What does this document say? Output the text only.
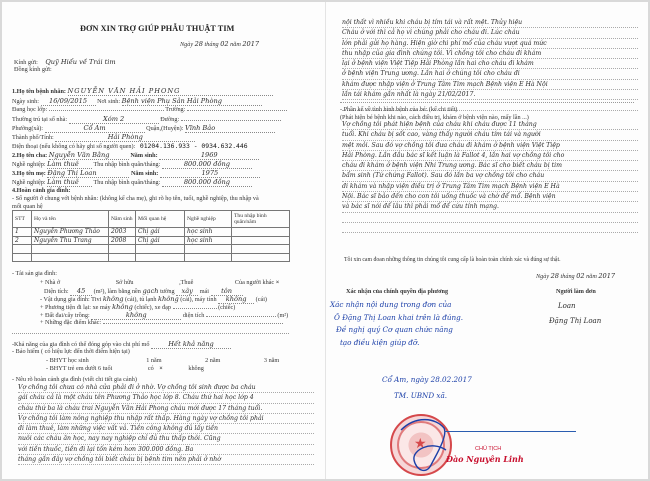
ĐƠN XIN TRỢ GIÚP PHẪU THUẬT TIM
Ngày 28 tháng 02 năm 2017
Kính gửi: Quỹ Hiểu về Trái tim
Đồng kính gửi:
1.Họ tên bệnh nhân: NGUYỄN VĂN HẢI PHONG
Ngày sinh: 16/09/2015 Nơi sinh: Bệnh viện Phụ Sản Hải Phòng
Đang học lớp:	Trường:
Thường trú tại số nhà:	Xóm 2	Đường:
Phường(xã):	Cổ Am	Quận,(Huyện): Vĩnh Bảo
Thành phố/Tỉnh:	Hải Phòng
Điện thoại (nếu không có hãy ghi số người quen): 01204.136.933 - 0934.632.446
2.Họ tên cha: Nguyễn Văn Bằng	Năm sinh:	1969
Nghề nghiệp: Làm thuê Thu nhập bình quân/tháng:	800.000 đồng
3.Họ tên mẹ: Đặng Thị Loan	Năm sinh:	1975
Nghề nghiệp: Làm thuê Thu nhập bình quân/tháng:	800.000 đồng
4.Hoàn cảnh gia đình:
- Số người ở chung với bệnh nhân: (không kể cha mẹ), ghi rõ họ tên, tuổi, nghề nghiệp, thu nhập và
mối quan hệ
STT	Họ và tên	Năm sinh	Mối quan hệ	Nghề nghiệp	Thu nhập bình quân/năm
1	Nguyễn Phương Thảo	2003	Chị gái	học sinh	
2	Nguyễn Thu Trang	2008	Chị gái	học sinh	

- Tài sản gia đình:
+ Nhà ở	Sở hữu	,Thuê	Của người khác ×
Diện tích: 45 (m²), làm bằng nền gạch tường xây mái tôn
- Vật dụng gia đình: Tivi không (cái), tủ lạnh không (cái), máy tính không (cái)
+ Phương tiện đi lại: xe máy không (chiếc), xe đạp	(chiếc)
+ Đất đai/cây trồng:	không	diện tích	(m²)
+ Những đặc điểm khác:
-Khả năng của gia đình có thể đóng góp vào chi phí mổ	Hết khả năng
- Bảo hiểm ( có hiệu lực đến thời điểm hiện tại)
- BHYT học sinh	1 năm	2 năm	3 năm
- BHYT trẻ em dưới 6 tuổi	có ×	không
- Nêu rõ hoàn cảnh gia đình (viết chi tiết gia cảnh)
Vợ chồng tôi chưa có nhà cửa phải đi ở nhờ. Vợ chồng tôi sinh được ba cháu
gái cháu cả là một cháu tên Phương Thảo học lớp 8. Cháu thứ hai học lớp 4
cháu thứ ba là cháu trai Nguyễn Văn Hải Phong cháu mới được 17 tháng tuổi.
Vợ chồng tôi làm nông nghiệp thu nhập rất thấp. Hàng ngày vợ chồng tôi phải
đi làm thuê, làm những việc vất vả. Tiền công không đủ lấy tiền
nuôi các cháu ăn học, nay nay nghiệp chỉ đủ thu thấp thôi. Cũng
với tiền thuốc, tiền đi lại tốn kém hơn 300.000 đồng. Ba
tháng gần đây vợ chồng tôi biết cháu bị bệnh tim nên phải ở nhờ
nội thất vì nhiều khi cháu bị tím tái và rất mệt. Thủy hiệu
Cháu ở với thì cả họ vì chúng phải cho cháu đi. Lúc cháu
lớn phải gửi họ hàng. Hiện giờ chi phí mổ của cháu vượt quá mức
thu nhập của gia đình chúng tôi. Vì chồng tôi cho cháu đi khám
lại ở bệnh viện Việt Tiệp Hải Phòng lần hai cho cháu đi khám
ở bệnh viện Trung ương. Lần hai ở chúng tôi cho cháu đi
khám được nhập viện ở Trung Tâm Tim mạch Bệnh viện E Hà Nội
lần tái khám gần nhất là ngày 21/02/2017.
- Phần kể về tình hình bệnh của bé: (kể chi tiết)
(Phát hiện bé bệnh khi nào, cách điều trị, khám ở bệnh viện nào, mấy lần ...)
Vợ chồng tôi phát hiện bệnh của cháu khi cháu được 11 tháng
tuổi. Khi cháu bị sốt cao, vàng thấy người cháu tím tái và người
mệt mỏi. Sau đó vợ chồng tôi đưa cháu đi khám ở bệnh viện Việt Tiệp
Hải Phòng. Lần đầu bác sĩ kết luận là Fallot 4, lần hai vợ chồng tôi cho
cháu đi khám ở bệnh viện Nhi Trung ương. Bác sĩ cho biết cháu bị tim
bẩm sinh (Tứ chứng Fallot). Sau đó lần ba vợ chồng tôi cho cháu
đi khám và nhập viện điều trị ở Trung Tâm Tim mạch Bệnh viện E Hà
Nội. Bác sĩ bảo đến cho con tôi uống thuốc và chờ để mổ. Bệnh viện
và bác sĩ nói để lâu thì phải mổ để cứu tính mạng.
Tôi xin cam đoan những thông tin chúng tôi cung cấp là hoàn toàn chính xác và đúng sự thật.
Ngày 28 tháng 02 năm 2017
Xác nhận của chính quyền địa phương	Người làm đơn
Xác nhận nội dung trong đơn của
Ô Đặng Thị Loan khai trên là đúng.
Đề nghị quý Cơ quan chức năng
tạo điều kiện giúp đỡ.
Loan
Đặng Thị Loan
Cổ Am, ngày 28.02.2017
TM. UBND xã.
★	CHỦ TỊCH
Đào Nguyên Linh
